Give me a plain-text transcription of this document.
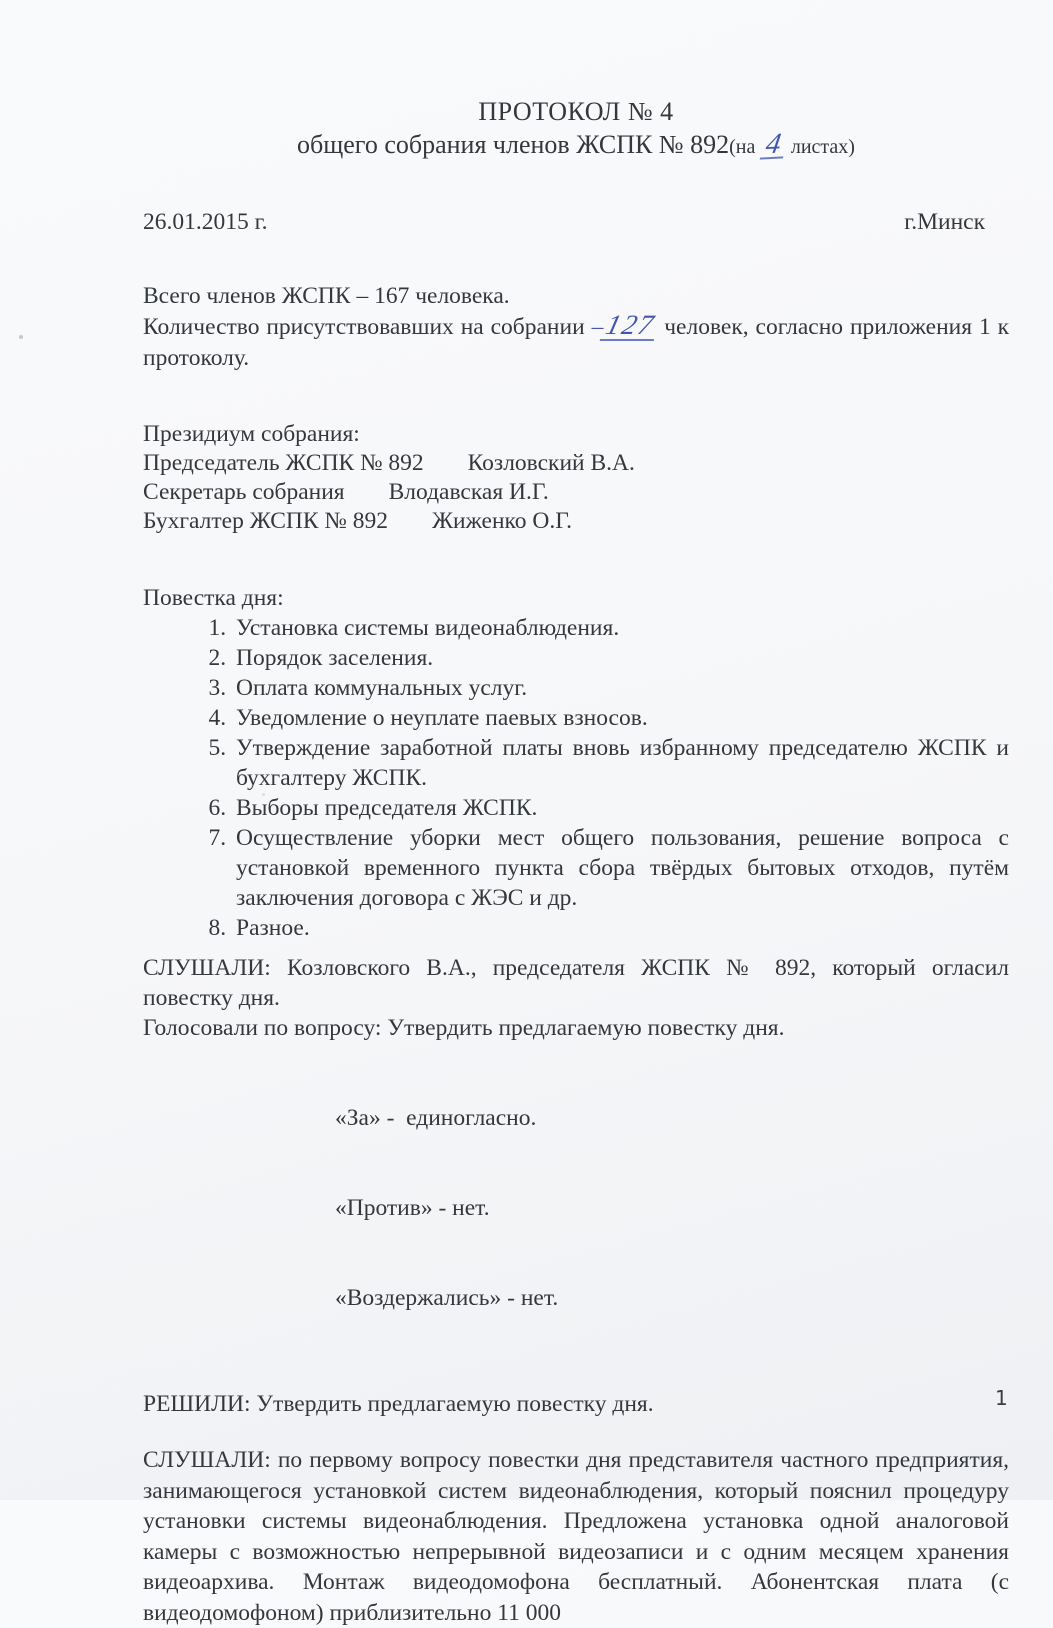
ПРОТОКОЛ № 4
общего собрания членов ЖСПК № 892(на 4 листах)
26.01.2015 г.	г.Минск

Всего членов ЖСПК – 167 человека.

Количество присутствовавших на собрании –127 человек, согласно приложения 1 к протоколу.

Президиум собрания:

Председатель ЖСПК № 892 Козловский В.А.

Секретарь собрания Влодавская И.Г.

Бухгалтер ЖСПК № 892 Жиженко О.Г.

Повестка дня:

1. Установка системы видеонаблюдения.
2. Порядок заселения.
3. Оплата коммунальных услуг.
4. Уведомление о неуплате паевых взносов.
5. Утверждение заработной платы вновь избранному председателю ЖСПК и бухгалтеру ЖСПК.
6. Выборы председателя ЖСПК.
7. Осуществление уборки мест общего пользования, решение вопроса с установкой временного пункта сбора твёрдых бытовых отходов, путём заключения договора с ЖЭС и др.
8. Разное.

СЛУШАЛИ: Козловского В.А., председателя ЖСПК № 892, который огласил повестку дня.

Голосовали по вопросу: Утвердить предлагаемую повестку дня.

«За» -  единогласно.

«Против» - нет.

«Воздержались» - нет.

РЕШИЛИ: Утвердить предлагаемую повестку дня.

СЛУШАЛИ: по первому вопросу повестки дня представителя частного предприятия, занимающегося установкой систем видеонаблюдения, который пояснил процедуру установки системы видеонаблюдения. Предложена установка одной аналоговой камеры с возможностью непрерывной видеозаписи и с одним месяцем хранения видеоархива. Монтаж видеодомофона бесплатный. Абонентская плата (с видеодомофоном) приблизительно 11 000

1
